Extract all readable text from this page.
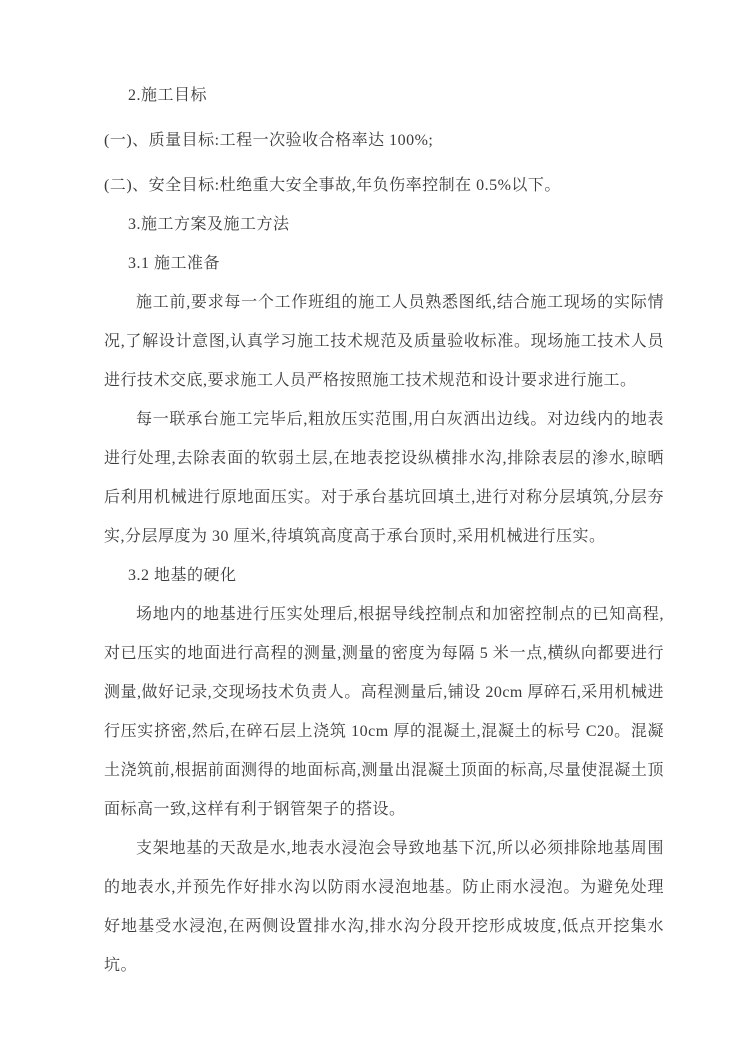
2.施工目标

(一)、质量目标:工程一次验收合格率达 100%;

(二)、安全目标:杜绝重大安全事故,年负伤率控制在 0.5%以下。

3.施工方案及施工方法

3.1 施工准备

施工前,要求每一个工作班组的施工人员熟悉图纸,结合施工现场的实际情况,了解设计意图,认真学习施工技术规范及质量验收标准。现场施工技术人员进行技术交底,要求施工人员严格按照施工技术规范和设计要求进行施工。

每一联承台施工完毕后,粗放压实范围,用白灰洒出边线。对边线内的地表进行处理,去除表面的软弱土层,在地表挖设纵横排水沟,排除表层的渗水,晾晒后利用机械进行原地面压实。对于承台基坑回填土,进行对称分层填筑,分层夯实,分层厚度为 30 厘米,待填筑高度高于承台顶时,采用机械进行压实。

3.2 地基的硬化

场地内的地基进行压实处理后,根据导线控制点和加密控制点的已知高程,对已压实的地面进行高程的测量,测量的密度为每隔 5 米一点,横纵向都要进行测量,做好记录,交现场技术负责人。高程测量后,铺设 20cm 厚碎石,采用机械进行压实挤密,然后,在碎石层上浇筑 10cm 厚的混凝土,混凝土的标号 C20。混凝土浇筑前,根据前面测得的地面标高,测量出混凝土顶面的标高,尽量使混凝土顶面标高一致,这样有利于钢管架子的搭设。

支架地基的天敌是水,地表水浸泡会导致地基下沉,所以必须排除地基周围的地表水,并预先作好排水沟以防雨水浸泡地基。防止雨水浸泡。为避免处理好地基受水浸泡,在两侧设置排水沟,排水沟分段开挖形成坡度,低点开挖集水坑。
